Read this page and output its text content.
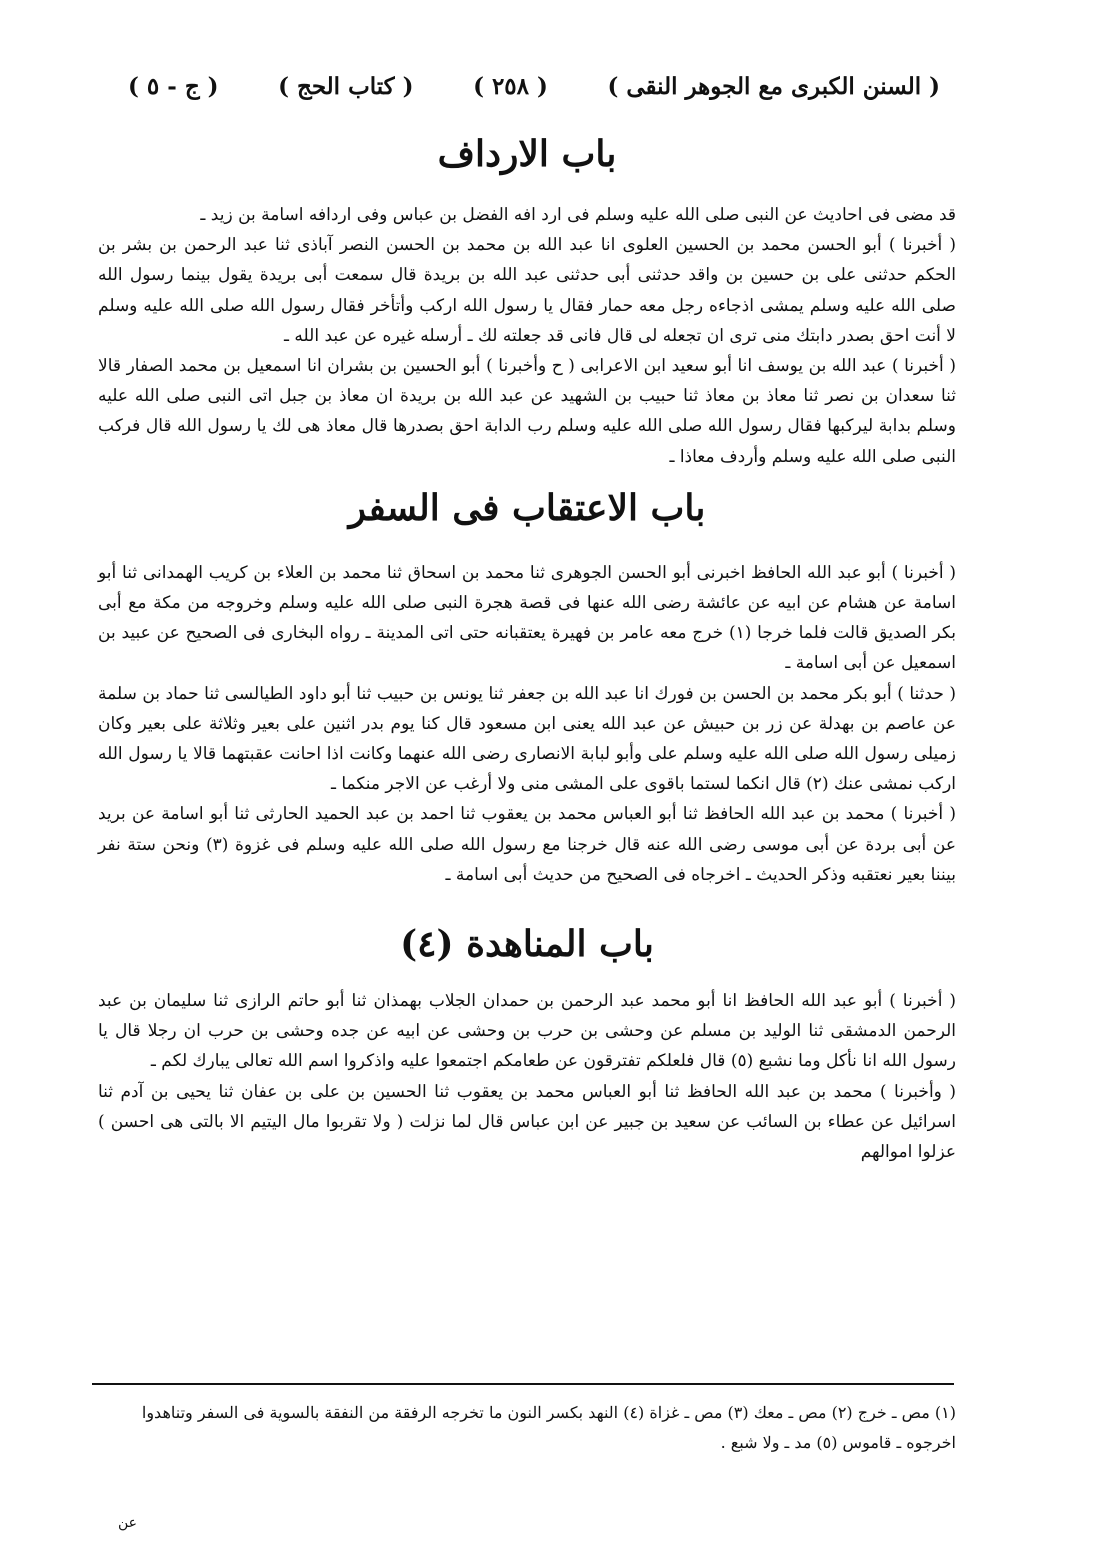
( السنن الكبرى مع الجوهر النقى )
( ٢٥٨ )
( كتاب الحج )
( ج - ٥ )
باب الارداف

قد مضى فى احاديث عن النبى صلى الله عليه وسلم فى ارد افه الفضل بن عباس وفى اردافه اسامة بن زيد ـ

( أخبرنا ) أبو الحسن محمد بن الحسين العلوى انا عبد الله بن محمد بن الحسن النصر آباذى ثنا عبد الرحمن بن بشر بن الحكم حدثنى على بن حسين بن واقد حدثنى أبى حدثنى عبد الله بن بريدة قال سمعت أبى بريدة يقول بينما رسول الله صلى الله عليه وسلم يمشى اذجاءه رجل معه حمار فقال يا رسول الله اركب وأتأخر فقال رسول الله صلى الله عليه وسلم لا أنت احق بصدر دابتك منى ترى ان تجعله لى قال فانى قد جعلته لك ـ أرسله غيره عن عبد الله ـ

( أخبرنا ) عبد الله بن يوسف انا أبو سعيد ابن الاعرابى ( ح وأخبرنا ) أبو الحسين بن بشران انا اسمعيل بن محمد الصفار قالا ثنا سعدان بن نصر ثنا معاذ بن معاذ ثنا حبيب بن الشهيد عن عبد الله بن بريدة ان معاذ بن جبل اتى النبى صلى الله عليه وسلم بدابة ليركبها فقال رسول الله صلى الله عليه وسلم رب الدابة احق بصدرها قال معاذ هى لك يا رسول الله قال فركب النبى صلى الله عليه وسلم وأردف معاذا ـ

باب الاعتقاب فى السفر

( أخبرنا ) أبو عبد الله الحافظ اخبرنى أبو الحسن الجوهرى ثنا محمد بن اسحاق ثنا محمد بن العلاء بن كريب الهمدانى ثنا أبو اسامة عن هشام عن ابيه عن عائشة رضى الله عنها فى قصة هجرة النبى صلى الله عليه وسلم وخروجه من مكة مع أبى بكر الصديق قالت فلما خرجا (١) خرج معه عامر بن فهيرة يعتقبانه حتى اتى المدينة ـ رواه البخارى فى الصحيح عن عبيد بن اسمعيل عن أبى اسامة ـ

( حدثنا ) أبو بكر محمد بن الحسن بن فورك انا عبد الله بن جعفر ثنا يونس بن حبيب ثنا أبو داود الطيالسى ثنا حماد بن سلمة عن عاصم بن بهدلة عن زر بن حبيش عن عبد الله يعنى ابن مسعود قال كنا يوم بدر اثنين على بعير وثلاثة على بعير وكان زميلى رسول الله صلى الله عليه وسلم على وأبو لبابة الانصارى رضى الله عنهما وكانت اذا احانت عقبتهما قالا يا رسول الله اركب نمشى عنك (٢) قال انكما لستما باقوى على المشى منى ولا أرغب عن الاجر منكما ـ

( أخبرنا ) محمد بن عبد الله الحافظ ثنا أبو العباس محمد بن يعقوب ثنا احمد بن عبد الحميد الحارثى ثنا أبو اسامة عن بريد عن أبى بردة عن أبى موسى رضى الله عنه قال خرجنا مع رسول الله صلى الله عليه وسلم فى غزوة (٣) ونحن ستة نفر بيننا بعير نعتقبه وذكر الحديث ـ اخرجاه فى الصحيح من حديث أبى اسامة ـ

باب المناهدة (٤)

( أخبرنا ) أبو عبد الله الحافظ انا أبو محمد عبد الرحمن بن حمدان الجلاب بهمذان ثنا أبو حاتم الرازى ثنا سليمان بن عبد الرحمن الدمشقى ثنا الوليد بن مسلم عن وحشى بن حرب بن وحشى عن ابيه عن جده وحشى بن حرب ان رجلا قال يا رسول الله انا نأكل وما نشبع (٥) قال فلعلكم تفترقون عن طعامكم اجتمعوا عليه واذكروا اسم الله تعالى يبارك لكم ـ

( وأخبرنا ) محمد بن عبد الله الحافظ ثنا أبو العباس محمد بن يعقوب ثنا الحسين بن على بن عفان ثنا يحيى بن آدم ثنا اسرائيل عن عطاء بن السائب عن سعيد بن جبير عن ابن عباس قال لما نزلت ( ولا تقربوا مال اليتيم الا بالتى هى احسن ) عزلوا اموالهم

(١) مص ـ خرج (٢) مص ـ معك (٣) مص ـ غزاة (٤) النهد بكسر النون ما تخرجه الرفقة من النفقة بالسوية فى السفر وتناهدوا اخرجوه ـ قاموس (٥) مد ـ ولا شبع .
عن
